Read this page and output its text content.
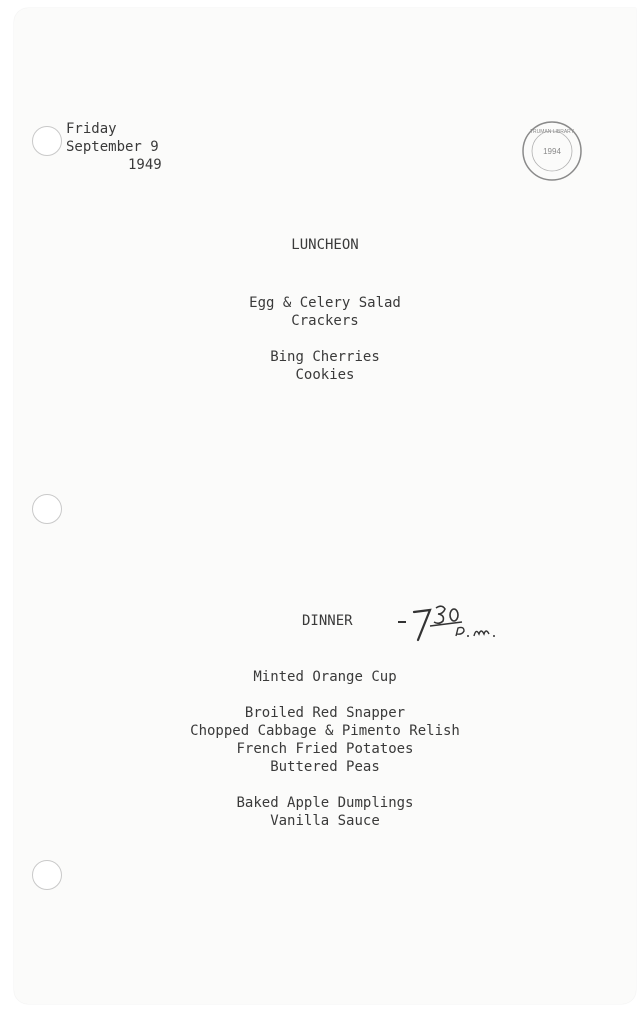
Friday
September 9
1949
1994
TRUMAN LIBRARY
LUNCHEON
Egg & Celery Salad
Crackers
Bing Cherries
Cookies
DINNER
Minted Orange Cup
Broiled Red Snapper
Chopped Cabbage & Pimento Relish
French Fried Potatoes
Buttered Peas
Baked Apple Dumplings
Vanilla Sauce
